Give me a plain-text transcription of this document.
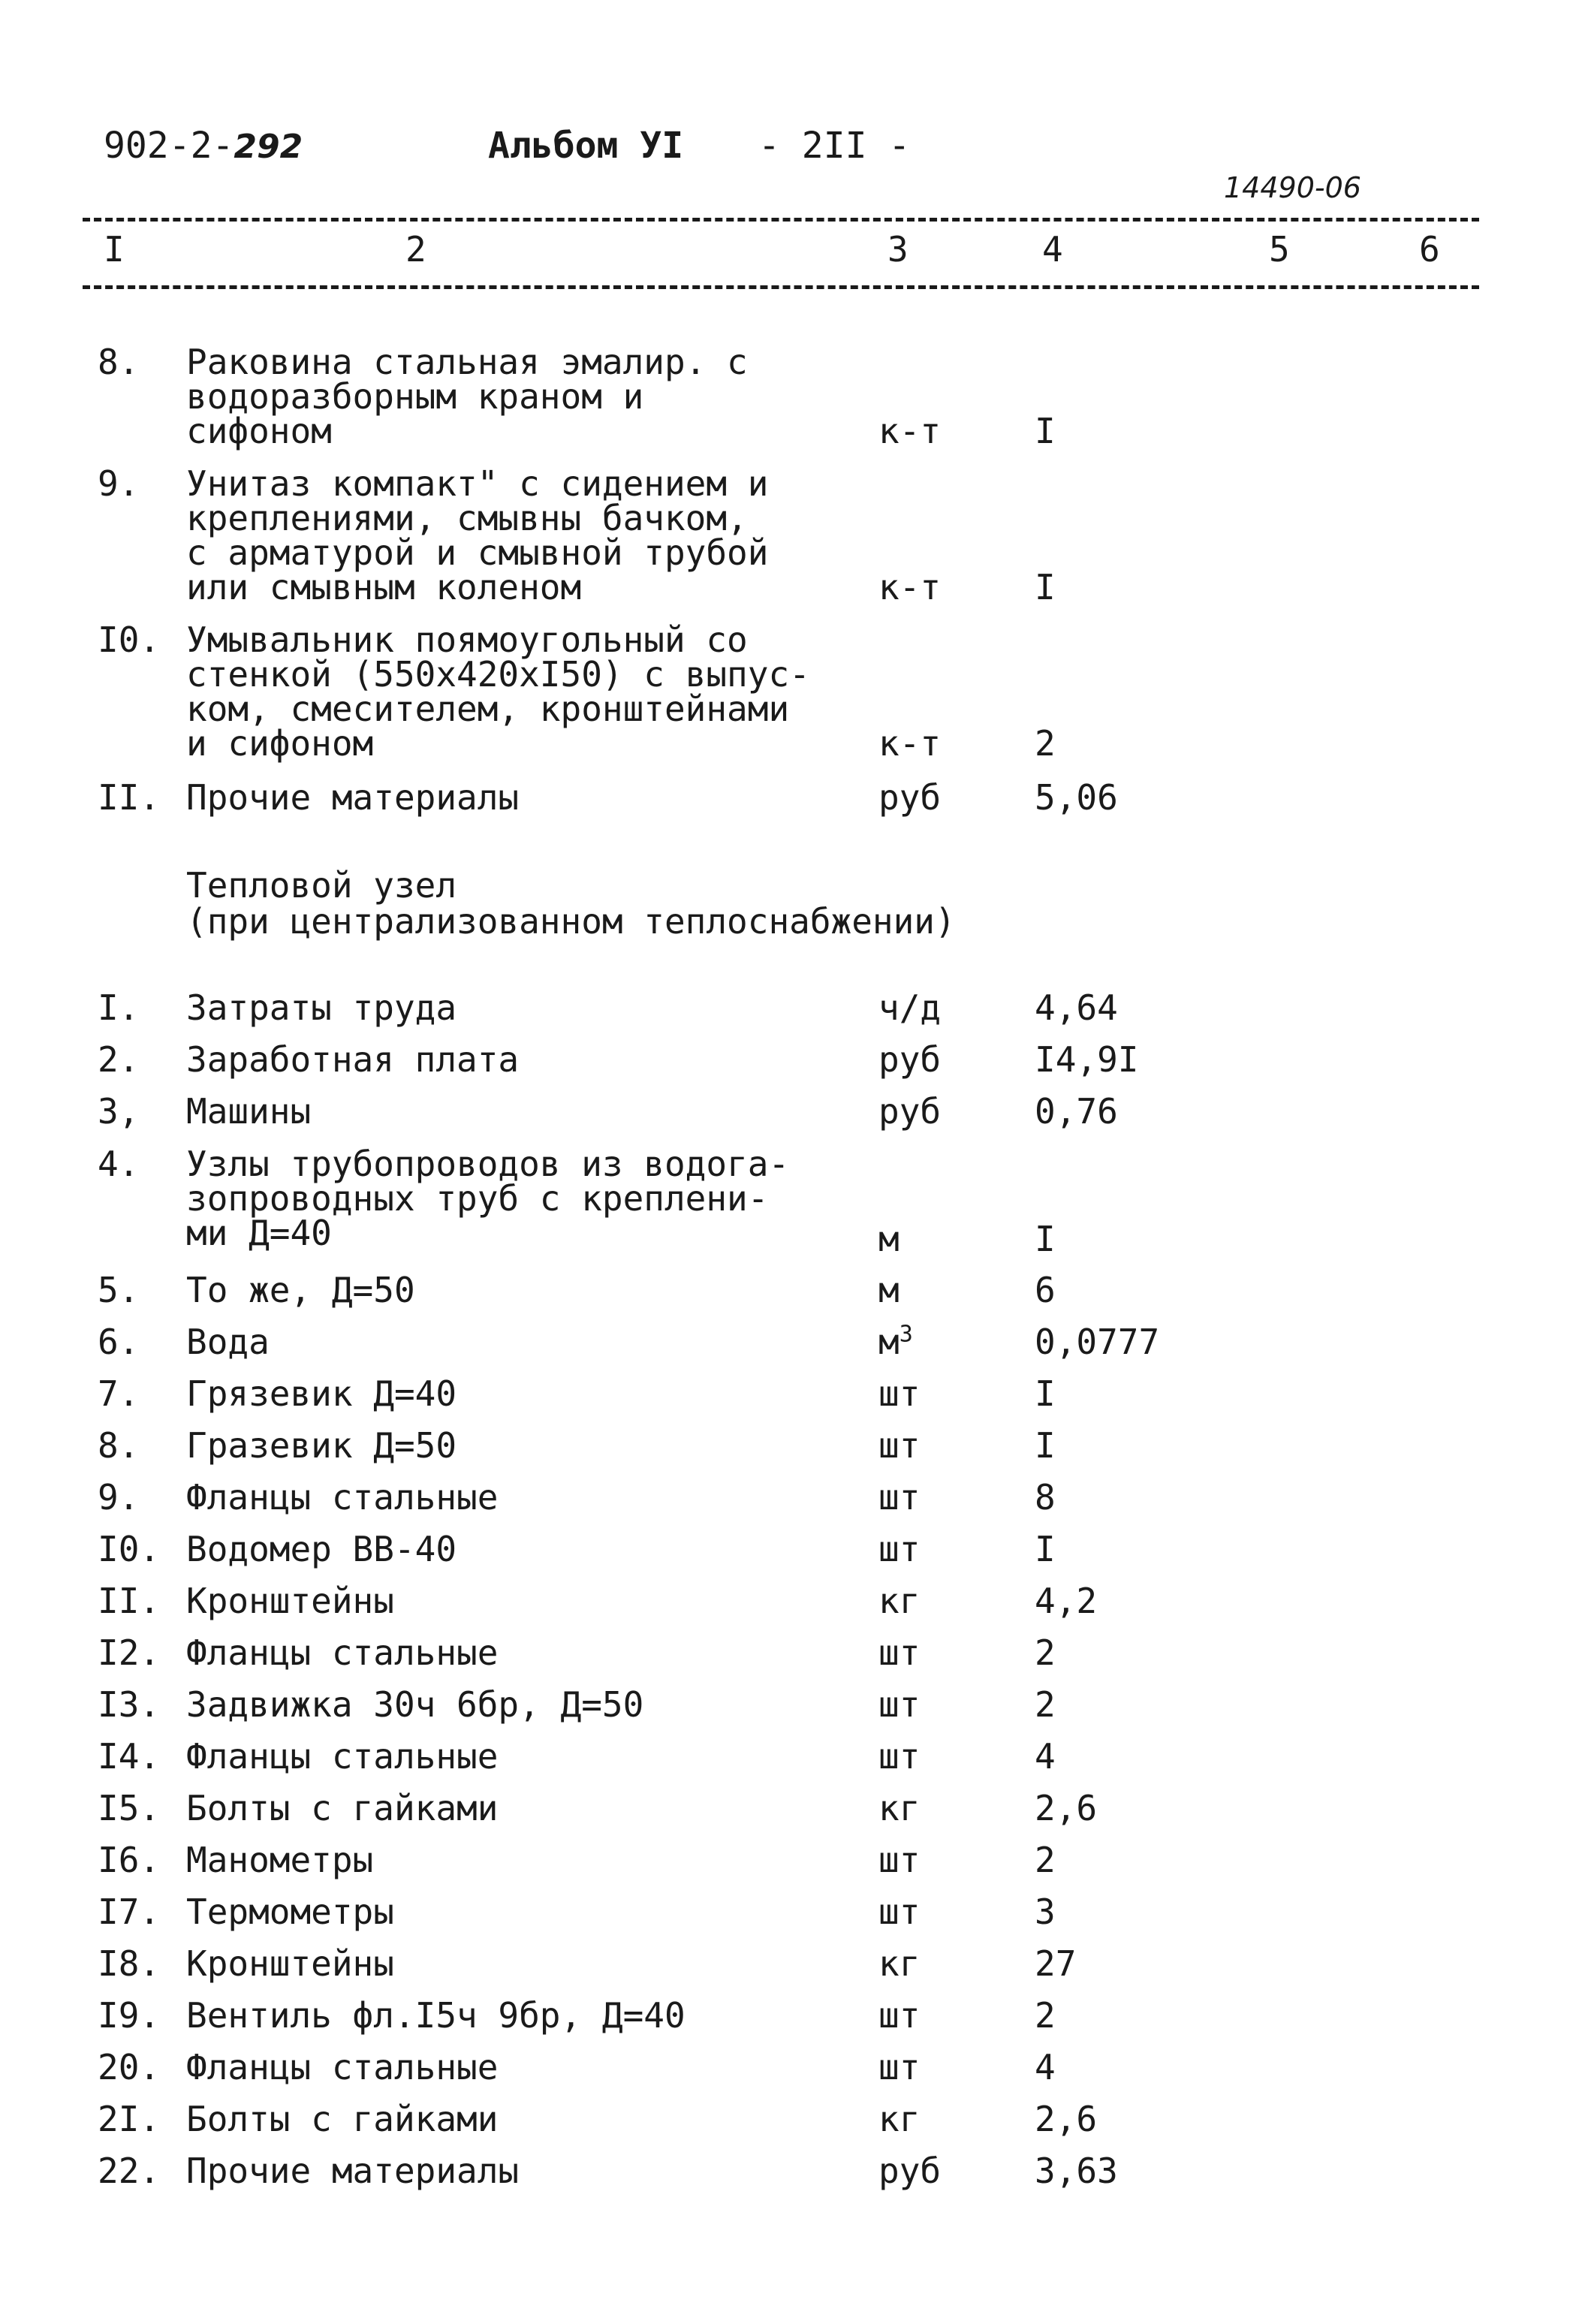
902-2-292	Альбом УI - 2II -
14490-06
I	2	3	4	5	6
8. Раковина стальная эмалир. с
водоразборным краном и
сифоном	к-т	I
9. Унитаз компакт" с сидением и
креплениями, смывны бачком,
с арматурой и смывной трубой
или смывным коленом	к-т	I
I0. Умывальник поямоугольный со
стенкой (550х420хI50) с выпус-
ком, смесителем, кронштейнами
и сифоном	к-т	2
II. Прочие материалы	руб	5,06
Тепловой узел
(при централизованном теплоснабжении)
I. Затраты труда	ч/д	4,64
2. Заработная плата	руб	I4,9I
3, Машины	руб	0,76
4. Узлы трубопроводов из водога-
зопроводных труб с креплени-
ми Д=40	м	I
5. То же, Д=50	м	6
6. Вода	$м^3$	0,0777
7. Грязевик Д=40	шт	I
8. Гразевик Д=50	шт	I
9. Фланцы стальные	шт	8
I0. Водомер ВВ-40	шт	I
II. Кронштейны	кг	4,2
I2. Фланцы стальные	шт	2
I3. Задвижка 30ч 6бр, Д=50	шт	2
I4. Фланцы стальные	шт	4
I5. Болты с гайками	кг	2,6
I6. Манометры	шт	2
I7. Термометры	шт	3
I8. Кронштейны	кг	27
I9. Вентиль фл.I5ч 9бр, Д=40	шт	2
20. Фланцы стальные	шт	4
2I. Болты с гайками	кг	2,6
22. Прочие материалы	руб	3,63
